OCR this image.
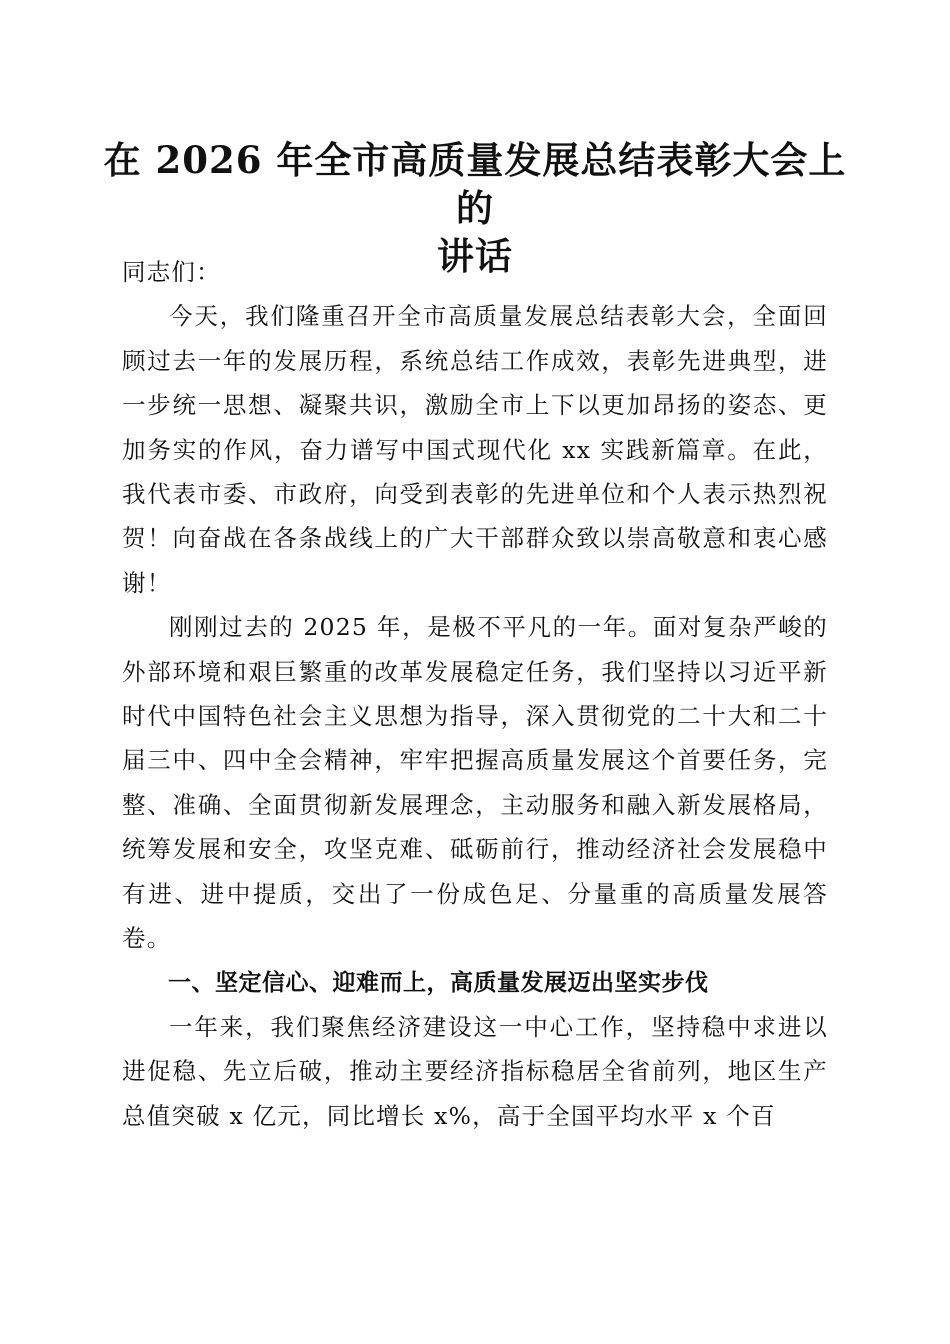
在 2026 年全市高质量发展总结表彰大会上的
讲话

同志们：

今天，我们隆重召开全市高质量发展总结表彰大会，全面回顾过去一年的发展历程，系统总结工作成效，表彰先进典型，进一步统一思想、凝聚共识，激励全市上下以更加昂扬的姿态、更加务实的作风，奋力谱写中国式现代化 xx 实践新篇章。在此，我代表市委、市政府，向受到表彰的先进单位和个人表示热烈祝贺！向奋战在各条战线上的广大干部群众致以崇高敬意和衷心感谢！

刚刚过去的 2025 年，是极不平凡的一年。面对复杂严峻的外部环境和艰巨繁重的改革发展稳定任务，我们坚持以习近平新时代中国特色社会主义思想为指导，深入贯彻党的二十大和二十届三中、四中全会精神，牢牢把握高质量发展这个首要任务，完整、准确、全面贯彻新发展理念，主动服务和融入新发展格局，统筹发展和安全，攻坚克难、砥砺前行，推动经济社会发展稳中有进、进中提质，交出了一份成色足、分量重的高质量发展答卷。

一、坚定信心、迎难而上，高质量发展迈出坚实步伐

一年来，我们聚焦经济建设这一中心工作，坚持稳中求进以进促稳、先立后破，推动主要经济指标稳居全省前列，地区生产总值突破 x 亿元，同比增长 x%，高于全国平均水平 x 个百
